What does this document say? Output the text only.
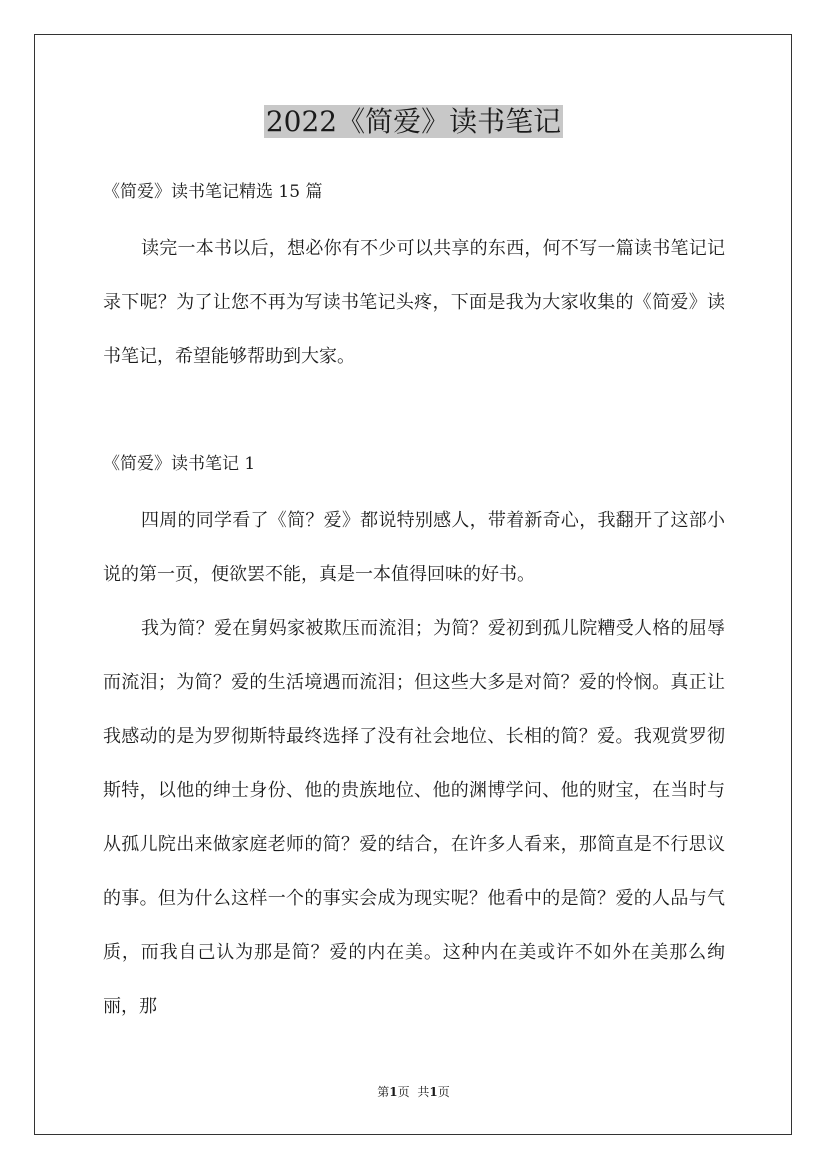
2022《简爱》读书笔记
《简爱》读书笔记精选 15 篇

读完一本书以后，想必你有不少可以共享的东西，何不写一篇读书笔记记录下呢？为了让您不再为写读书笔记头疼，下面是我为大家收集的《简爱》读书笔记，希望能够帮助到大家。

《简爱》读书笔记 1

四周的同学看了《简？爱》都说特别感人，带着新奇心，我翻开了这部小说的第一页，便欲罢不能，真是一本值得回味的好书。

我为简？爱在舅妈家被欺压而流泪；为简？爱初到孤儿院糟受人格的屈辱而流泪；为简？爱的生活境遇而流泪；但这些大多是对简？爱的怜悯。真正让我感动的是为罗彻斯特最终选择了没有社会地位、长相的简？爱。我观赏罗彻斯特，以他的绅士身份、他的贵族地位、他的渊博学问、他的财宝，在当时与从孤儿院出来做家庭老师的简？爱的结合，在许多人看来，那简直是不行思议的事。但为什么这样一个的事实会成为现实呢？他看中的是简？爱的人品与气质，而我自己认为那是简？爱的内在美。这种内在美或许不如外在美那么绚丽，那

第1页 共1页
